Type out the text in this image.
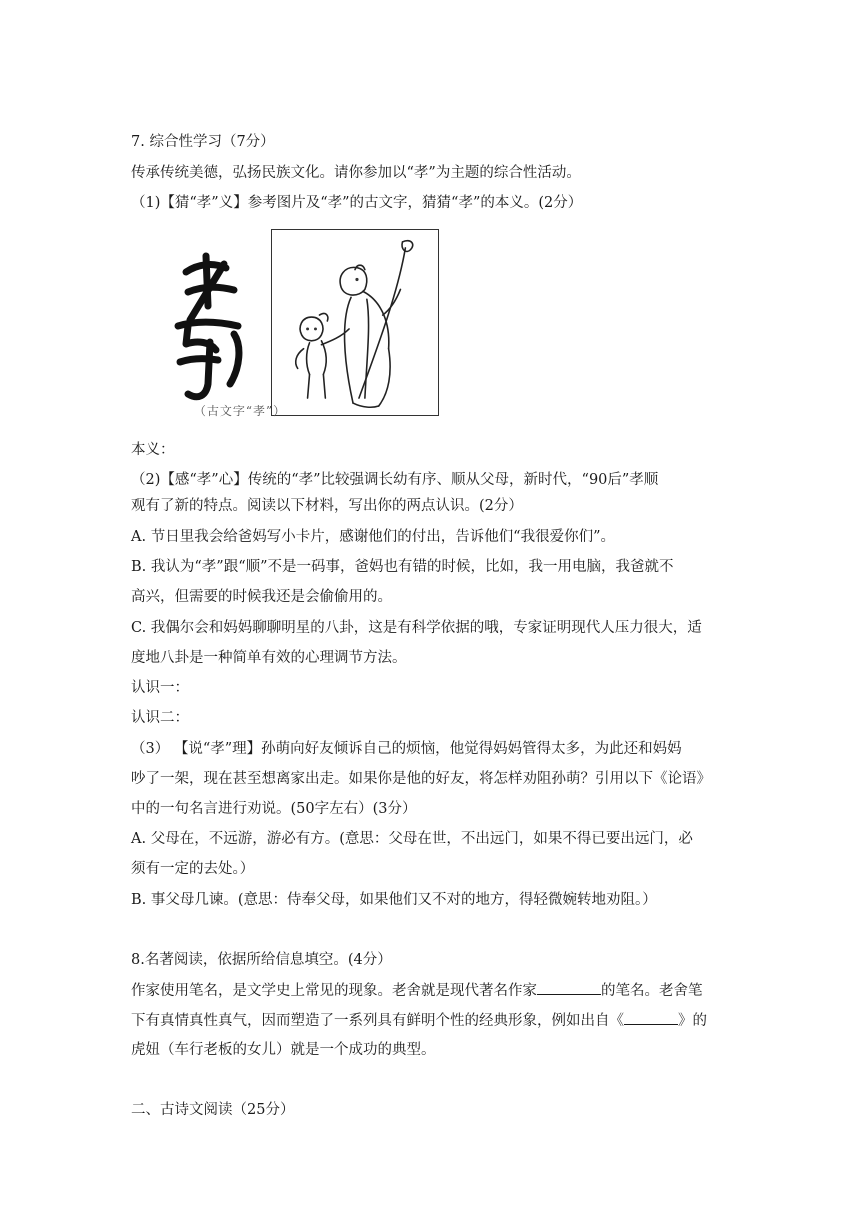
7. 综合性学习（7分）
传承传统美德，弘扬民族文化。请你参加以“孝”为主题的综合性活动。
（1)【猜“孝”义】参考图片及“孝”的古文字，猜猜“孝”的本义。(2分）
（古文字“孝”）
本义：
（2)【感“孝”心】传统的“孝”比较强调长幼有序、顺从父母，新时代，“90后”孝顺
观有了新的特点。阅读以下材料，写出你的两点认识。(2分）
A. 节日里我会给爸妈写小卡片，感谢他们的付出，告诉他们“我很爱你们”。
B. 我认为“孝”跟“顺”不是一码事，爸妈也有错的时候，比如，我一用电脑，我爸就不
高兴，但需要的时候我还是会偷偷用的。
C. 我偶尔会和妈妈聊聊明星的八卦，这是有科学依据的哦，专家证明现代人压力很大，适
度地八卦是一种简单有效的心理调节方法。
认识一：
认识二：
（3） 【说“孝”理】孙萌向好友倾诉自己的烦恼，他觉得妈妈管得太多，为此还和妈妈
吵了一架，现在甚至想离家出走。如果你是他的好友，将怎样劝阻孙萌？引用以下《论语》
中的一句名言进行劝说。(50字左右）(3分）
A. 父母在，不远游，游必有方。(意思：父母在世，不出远门，如果不得已要出远门，必
须有一定的去处。）
B. 事父母几谏。(意思：侍奉父母，如果他们又不对的地方，得轻微婉转地劝阻。）
8.名著阅读，依据所给信息填空。(4分）
作家使用笔名，是文学史上常见的现象。老舍就是现代著名作家	的笔名。老舍笔
下有真情真性真气，因而塑造了一系列具有鲜明个性的经典形象，例如出自《	》的
虎妞（车行老板的女儿）就是一个成功的典型。
二、古诗文阅读（25分）
